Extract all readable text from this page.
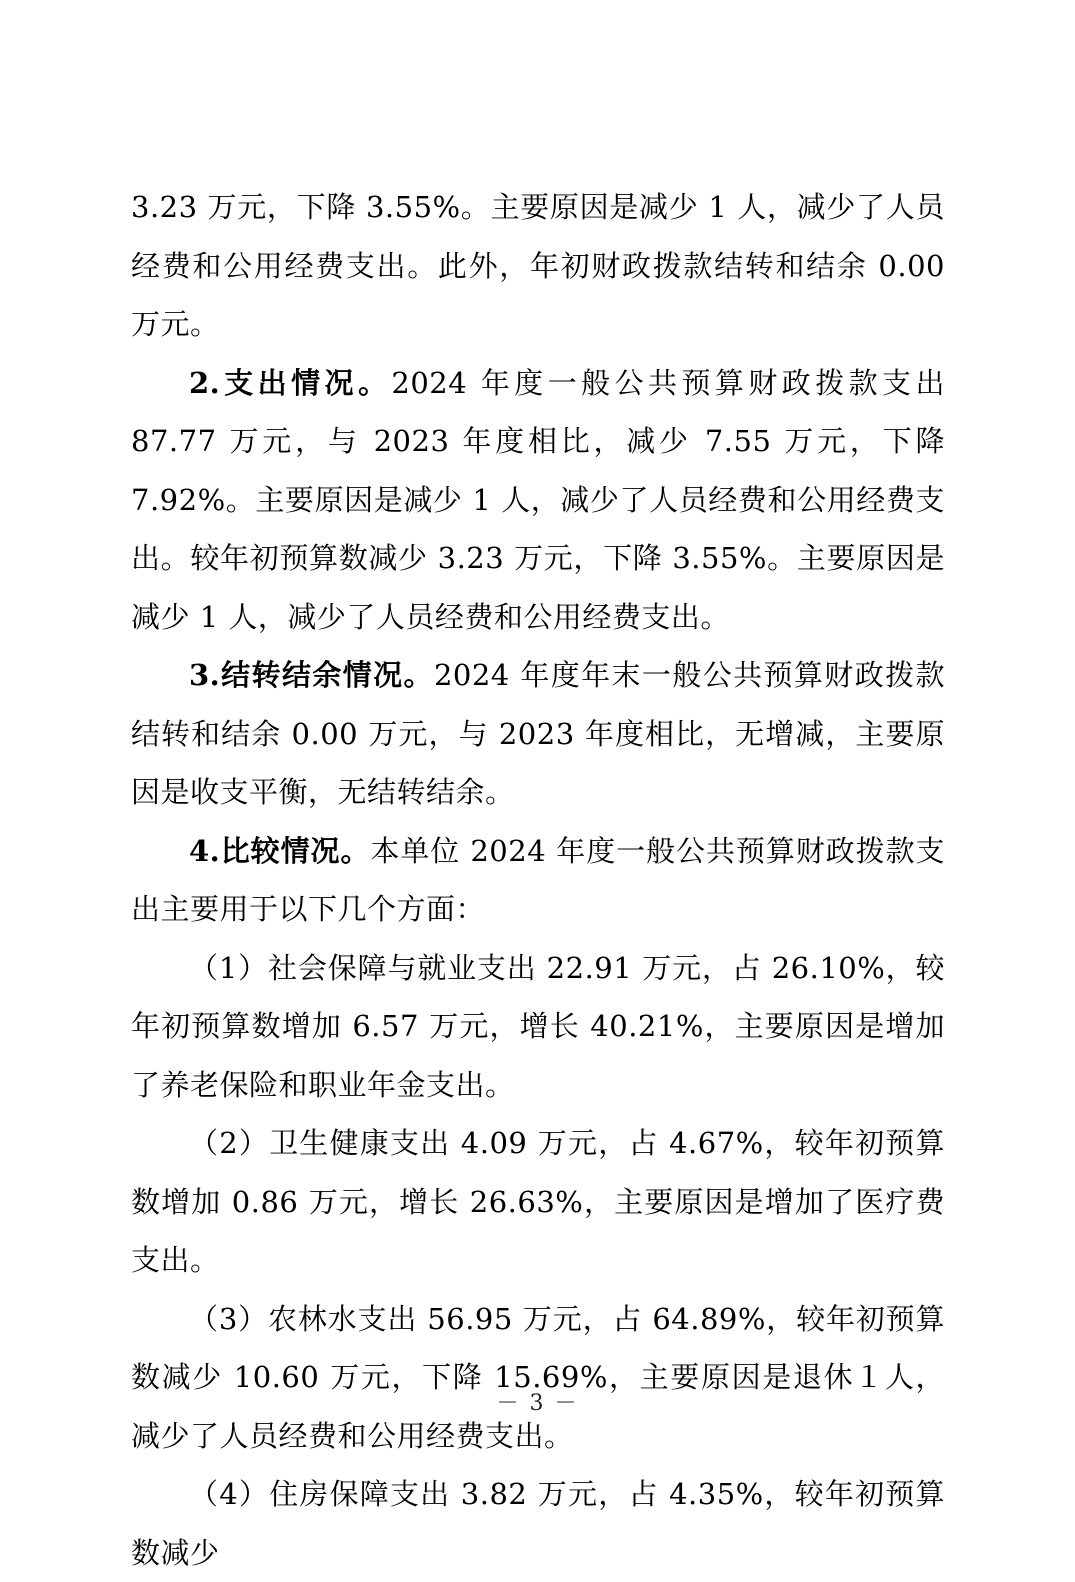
3.23 万元，下降 3.55%。主要原因是减少 1 人，减少了人员经费和公用经费支出。此外，年初财政拨款结转和结余 0.00 万元。

2.支出情况。2024 年度一般公共预算财政拨款支出 87.77 万元，与 2023 年度相比，减少 7.55 万元，下降 7.92%。主要原因是减少 1 人，减少了人员经费和公用经费支出。较年初预算数减少 3.23 万元，下降 3.55%。主要原因是减少 1 人，减少了人员经费和公用经费支出。

3.结转结余情况。2024 年度年末一般公共预算财政拨款结转和结余 0.00 万元，与 2023 年度相比，无增减，主要原因是收支平衡，无结转结余。

4.比较情况。本单位 2024 年度一般公共预算财政拨款支出主要用于以下几个方面：

（1）社会保障与就业支出 22.91 万元，占 26.10%，较年初预算数增加 6.57 万元，增长 40.21%，主要原因是增加了养老保险和职业年金支出。

（2）卫生健康支出 4.09 万元，占 4.67%，较年初预算数增加 0.86 万元，增长 26.63%，主要原因是增加了医疗费支出。

（3）农林水支出 56.95 万元，占 64.89%，较年初预算数减少 10.60 万元，下降 15.69%，主要原因是退休１人，减少了人员经费和公用经费支出。

（4）住房保障支出 3.82 万元，占 4.35%，较年初预算数减少

－ 3 －
